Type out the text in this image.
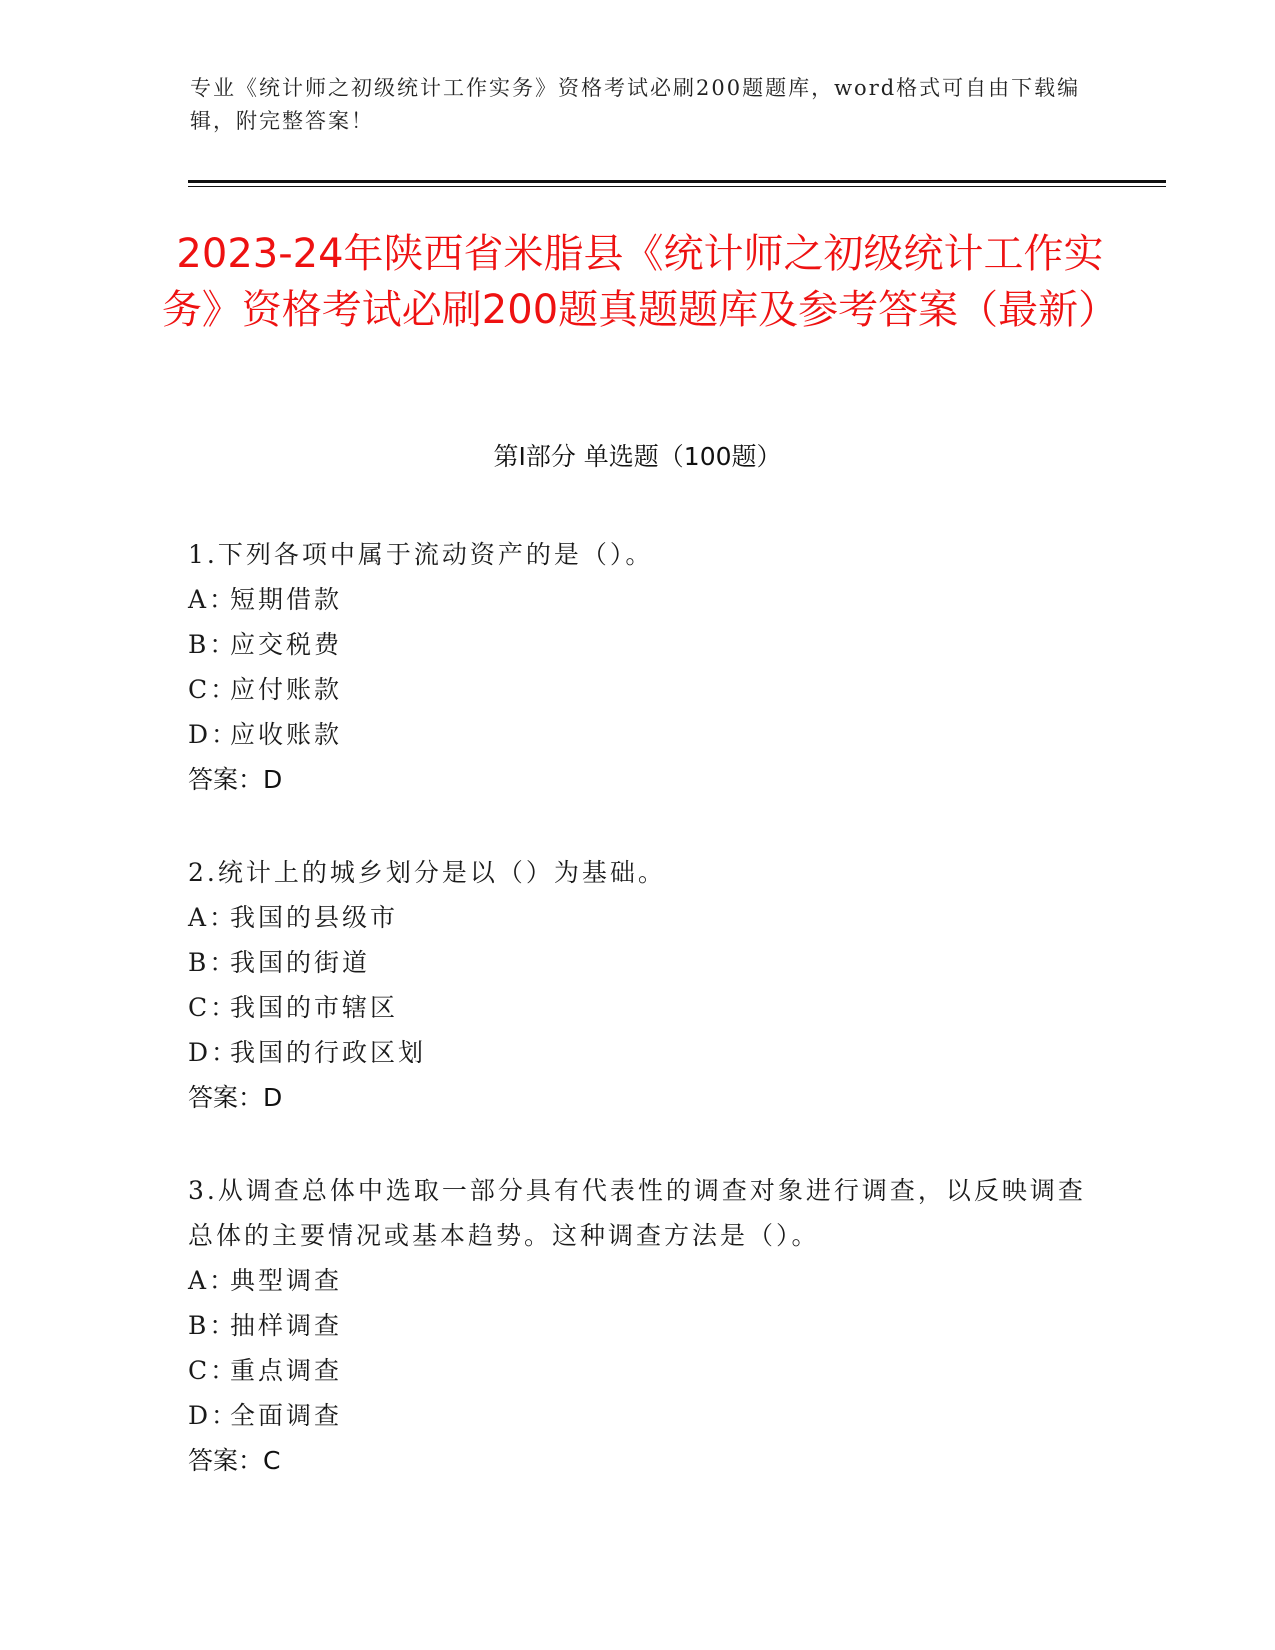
专业《统计师之初级统计工作实务》资格考试必刷200题题库，word格式可自由下载编辑，附完整答案！
2023-24年陕西省米脂县《统计师之初级统计工作实务》资格考试必刷200题真题题库及参考答案（最新）
第Ⅰ部分 单选题（100题）

1.下列各项中属于流动资产的是（）。

A：短期借款

B：应交税费

C：应付账款

D：应收账款

答案：D

2.统计上的城乡划分是以（）为基础。

A：我国的县级市

B：我国的街道

C：我国的市辖区

D：我国的行政区划

答案：D

3.从调查总体中选取一部分具有代表性的调查对象进行调查，以反映调查总体的主要情况或基本趋势。这种调查方法是（）。

A：典型调查

B：抽样调查

C：重点调查

D：全面调查

答案：C
